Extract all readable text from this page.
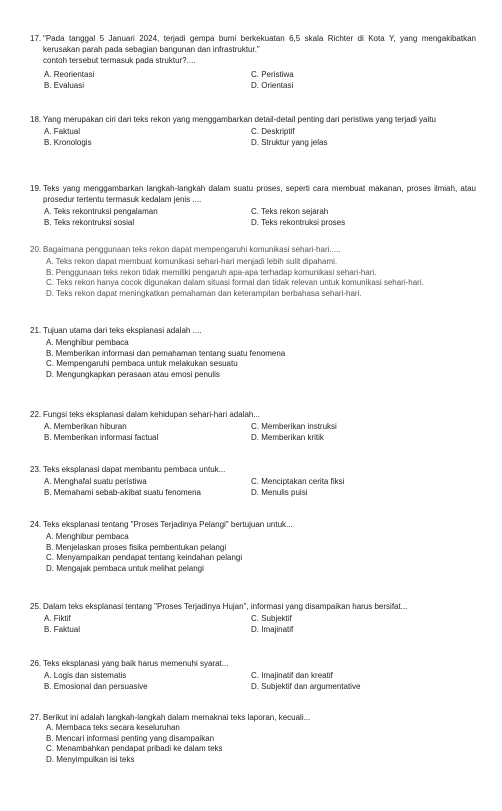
17. "Pada tanggal 5 Januari 2024, terjadi gempa bumi berkekuatan 6,5 skala Richter di Kota Y, yang mengakibatkan kerusakan parah pada sebagian bangunan dan infrastruktur."
contoh tersebut termasuk pada struktur?....
A. Reorientasi	C. Peristiwa
B. Evaluasi	D. Orientasi
18. Yang merupakan ciri dari teks rekon yang menggambarkan detail-detail penting dari peristiwa yang terjadi yaitu
A. Faktual	C. Deskriptif
B. Kronologis	D. Struktur yang jelas
19. Teks yang menggambarkan langkah-langkah dalam suatu proses, seperti cara membuat makanan, proses ilmiah, atau prosedur tertentu termasuk kedalam jenis ....
A. Teks rekontruksi pengalaman	C. Teks rekon sejarah
B. Teks rekontruksi sosial	D. Teks rekontruksi proses
20. Bagaimana penggunaan teks rekon dapat mempengaruhi komunikasi sehari-hari.....
A. Teks rekon dapat membuat komunikasi sehari-hari menjadi lebih sulit dipahami.
B. Penggunaan teks rekon tidak memiliki pengaruh apa-apa terhadap komunikasi sehari-hari.
C. Teks rekon hanya cocok digunakan dalam situasi formal dan tidak relevan untuk komunikasi sehari-hari.
D. Teks rekon dapat meningkatkan pemahaman dan keterampilan berbahasa sehari-hari.
21. Tujuan utama dari teks eksplanasi adalah ....
A. Menghibur pembaca
B. Memberikan informasi dan pemahaman tentang suatu fenomena
C. Mempengaruhi pembaca untuk melakukan sesuatu
D. Mengungkapkan perasaan atau emosi penulis
22. Fungsi teks eksplanasi dalam kehidupan sehari-hari adalah...
A. Memberikan hiburan	C. Memberikan instruksi
B. Memberikan informasi factual	D. Memberikan kritik
23. Teks eksplanasi dapat membantu pembaca untuk...
A. Menghafal suatu peristiwa	C. Menciptakan cerita fiksi
B. Memahami sebab-akibat suatu fenomena	D. Menulis puisi
24. Teks eksplanasi tentang "Proses Terjadinya Pelangi" bertujuan untuk...
A. Menghibur pembaca
B. Menjelaskan proses fisika pembentukan pelangi
C. Menyampaikan pendapat tentang keindahan pelangi
D. Mengajak pembaca untuk melihat pelangi
25. Dalam teks eksplanasi tentang "Proses Terjadinya Hujan", informasi yang disampaikan harus bersifat...
A. Fiktif	C. Subjektif
B. Faktual	D. Imajinatif
26. Teks eksplanasi yang baik harus memenuhi syarat...
A. Logis dan sistematis	C. Imajinatif dan kreatif
B. Emosional dan persuasive	D. Subjektif dan argumentative
27. Berikut ini adalah langkah-langkah dalam memaknai teks laporan, kecuali...
A. Membaca teks secara keseluruhan
B. Mencari informasi penting yang disampaikan
C. Menambahkan pendapat pribadi ke dalam teks
D. Menyimpulkan isi teks
